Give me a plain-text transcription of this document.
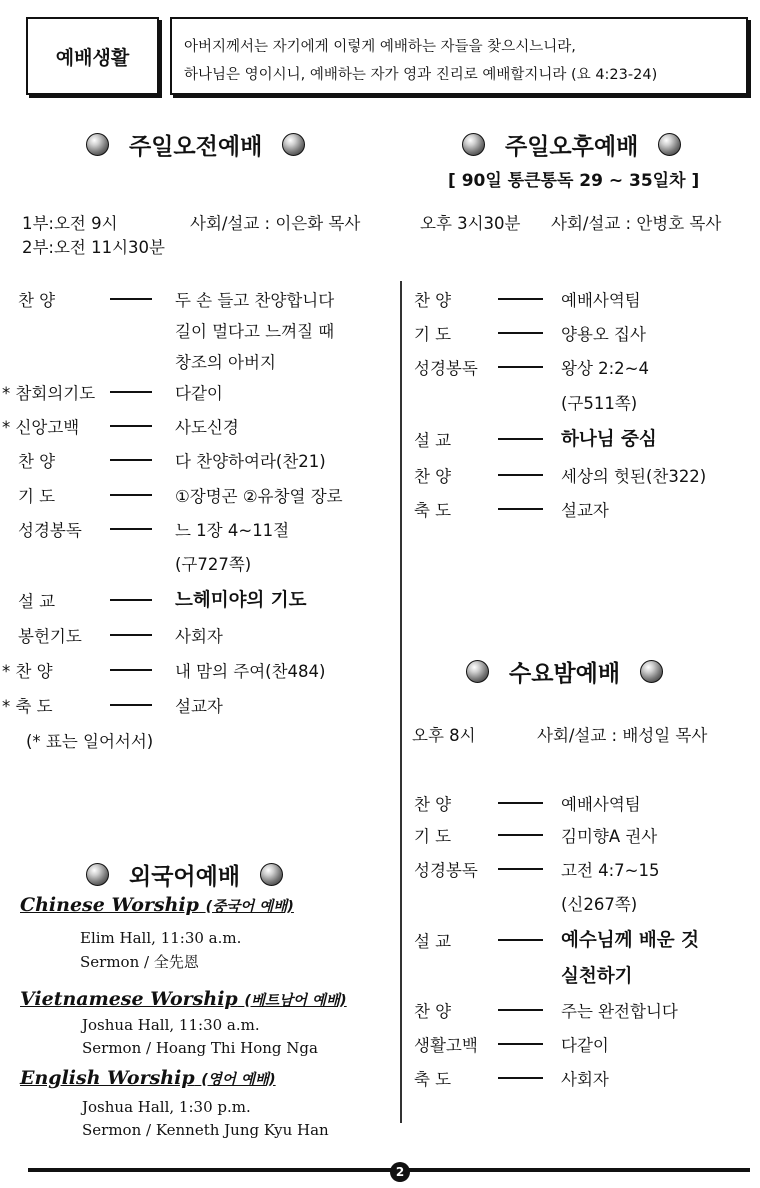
예배생활	아버지께서는 자기에게 이렇게 예배하는 자들을 찾으시느니라,
하나님은 영이시니, 예배하는 자가 영과 진리로 예배할지니라 (요 4:23-24)
주일오전예배
1부:오전 9시	사회/설교 : 이은화 목사
2부:오전 11시30분
찬 양	두 손 들고 찬양합니다
길이 멀다고 느껴질 때
창조의 아버지
* 참회의기도	다같이
* 신앙고백	사도신경
찬 양	다 찬양하여라(찬21)
기 도	①장명곤 ②유창열 장로
성경봉독	느 1장 4~11절
(구727쪽)
설 교	느헤미야의 기도
봉헌기도	사회자
* 찬 양	내 맘의 주여(찬484)
* 축 도	설교자
(* 표는 일어서서)
주일오후예배
[ 90일 통큰통독 29 ~ 35일차 ]
오후 3시30분 사회/설교 : 안병호 목사
찬 양	예배사역팀
기 도	양용오 집사
성경봉독	왕상 2:2~4
(구511쪽)
설 교	하나님 중심
찬 양	세상의 헛된(찬322)
축 도	설교자
수요밤예배
오후 8시	사회/설교 : 배성일 목사
찬 양	예배사역팀
기 도	김미향A 권사
성경봉독	고전 4:7~15
(신267쪽)
설 교	예수님께 배운 것
실천하기
찬 양	주는 완전합니다
생활고백	다같이
축 도	사회자
외국어예배
Chinese Worship (중국어 예배)
Elim Hall, 11:30 a.m.
Sermon / 全先恩
Vietnamese Worship (베트남어 예배)
Joshua Hall, 11:30 a.m.
Sermon / Hoang Thi Hong Nga
English Worship (영어 예배)
Joshua Hall, 1:30 p.m.
Sermon / Kenneth Jung Kyu Han
2
